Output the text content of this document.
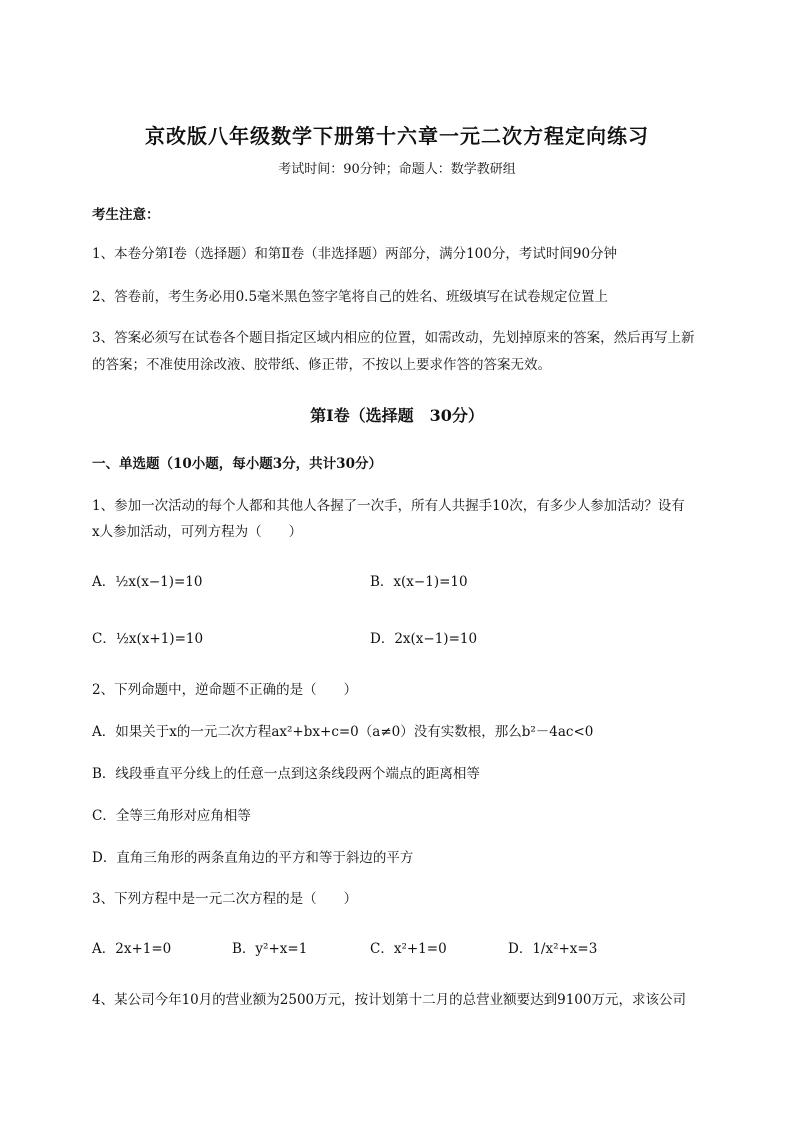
京改版八年级数学下册第十六章一元二次方程定向练习
考试时间：90分钟；命题人：数学教研组
考生注意：
1、本卷分第Ⅰ卷（选择题）和第Ⅱ卷（非选择题）两部分，满分100分，考试时间90分钟
2、答卷前，考生务必用0.5毫米黑色签字笔将自己的姓名、班级填写在试卷规定位置上
3、答案必须写在试卷各个题目指定区域内相应的位置，如需改动，先划掉原来的答案，然后再写上新
的答案；不准使用涂改液、胶带纸、修正带，不按以上要求作答的答案无效。
第Ⅰ卷（选择题　30分）
一、单选题（10小题，每小题3分，共计30分）
1、参加一次活动的每个人都和其他人各握了一次手，所有人共握手10次，有多少人参加活动？设有
x人参加活动，可列方程为（　　）
A．½x(x−1)=10	B．x(x−1)=10
C．½x(x+1)=10	D．2x(x−1)=10
2、下列命题中，逆命题不正确的是（　　）
A．如果关于x的一元二次方程ax²+bx+c=0（a≠0）没有实数根，那么b²－4ac<0
B．线段垂直平分线上的任意一点到这条线段两个端点的距离相等
C．全等三角形对应角相等
D．直角三角形的两条直角边的平方和等于斜边的平方
3、下列方程中是一元二次方程的是（　　）
A．2x+1=0	B．y²+x=1	C．x²+1=0	D．1/x²+x=3
4、某公司今年10月的营业额为2500万元，按计划第十二月的总营业额要达到9100万元，求该公司
